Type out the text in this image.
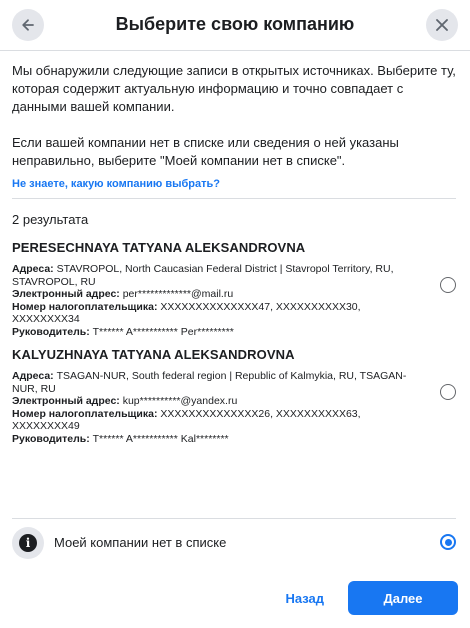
Выберите свою компанию

Мы обнаружили следующие записи в открытых источниках. Выберите ту, которая содержит актуальную информацию и точно совпадает с данными вашей компании.

Если вашей компании нет в списке или сведения о ней указаны неправильно, выберите "Моей компании нет в списке".

Не знаете, какую компанию выбрать?
2 результата
PERESECHNAYA TATYANA ALEKSANDROVNA
Адреса: STAVROPOL, North Caucasian Federal District | Stavropol Territory, RU, STAVROPOL, RU
Электронный адрес: per*************@mail.ru
Номер налогоплательщика: XXXXXXXXXXXXXX47, XXXXXXXXXX30, XXXXXXXX34
Руководитель: T****** A*********** Per*********
KALYUZHNAYA TATYANA ALEKSANDROVNA
Адреса: TSAGAN-NUR, South federal region | Republic of Kalmykia, RU, TSAGAN-NUR, RU
Электронный адрес: kup**********@yandex.ru
Номер налогоплательщика: XXXXXXXXXXXXXX26, XXXXXXXXXX63, XXXXXXXX49
Руководитель: T****** A*********** Kal********
i	Моей компании нет в списке
Назад	Далее
